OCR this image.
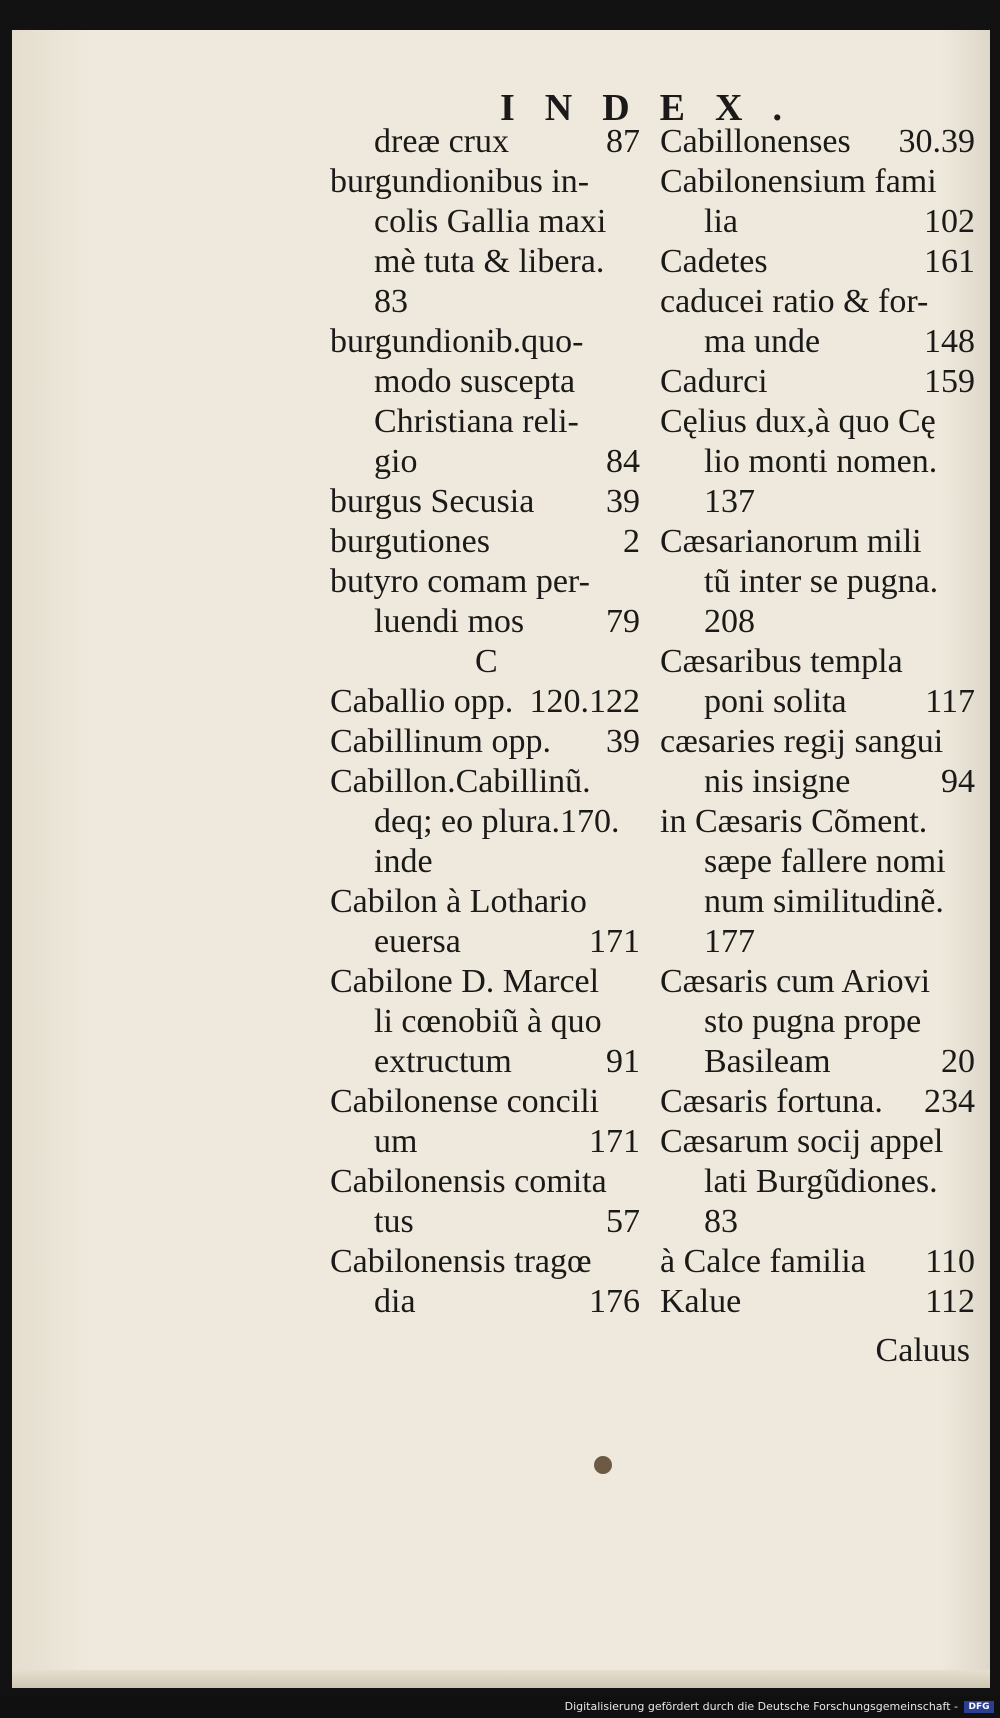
INDEX.
dreæ crux	87
burgundionibus in-
colis Gallia maxi
mè tuta & libera.
83
burgundionib.quo-
modo suscepta
Christiana reli-
gio	84
burgus Secusia 39
burgutiones	2
butyro comam per-
luendi mos 79
C
Caballio opp. 120.122
Cabillinum opp. 39
Cabillon.Cabillinũ.
deq; eo plura.170.
inde
Cabilon à Lothario
euersa	171
Cabilone D. Marcel
li cœnobiũ à quo
extructum	91
Cabilonense concili
um	171
Cabilonensis comita
tus	57
Cabilonensis tragœ
dia	176
Cabillonenses 30.39
Cabilonensium fami
lia	102
Cadetes	161
caducei ratio & for-
ma unde	148
Cadurci	159
Cęlius dux,à quo Cę
lio monti nomen.
137
Cæsarianorum mili
tũ inter se pugna.
208
Cæsaribus templa
poni solita 117
cæsaries regij sangui
nis insigne	94
in Cæsaris Cõment.
sæpe fallere nomi
num similitudinẽ.
177
Cæsaris cum Ariovi
sto pugna prope
Basileam	20
Cæsaris fortuna. 234
Cæsarum socij appel
lati Burgũdiones.
83
à Calce familia 110
Kalue	112
Caluus
Digitalisierung gefördert durch die Deutsche Forschungsgemeinschaft -	DFG
